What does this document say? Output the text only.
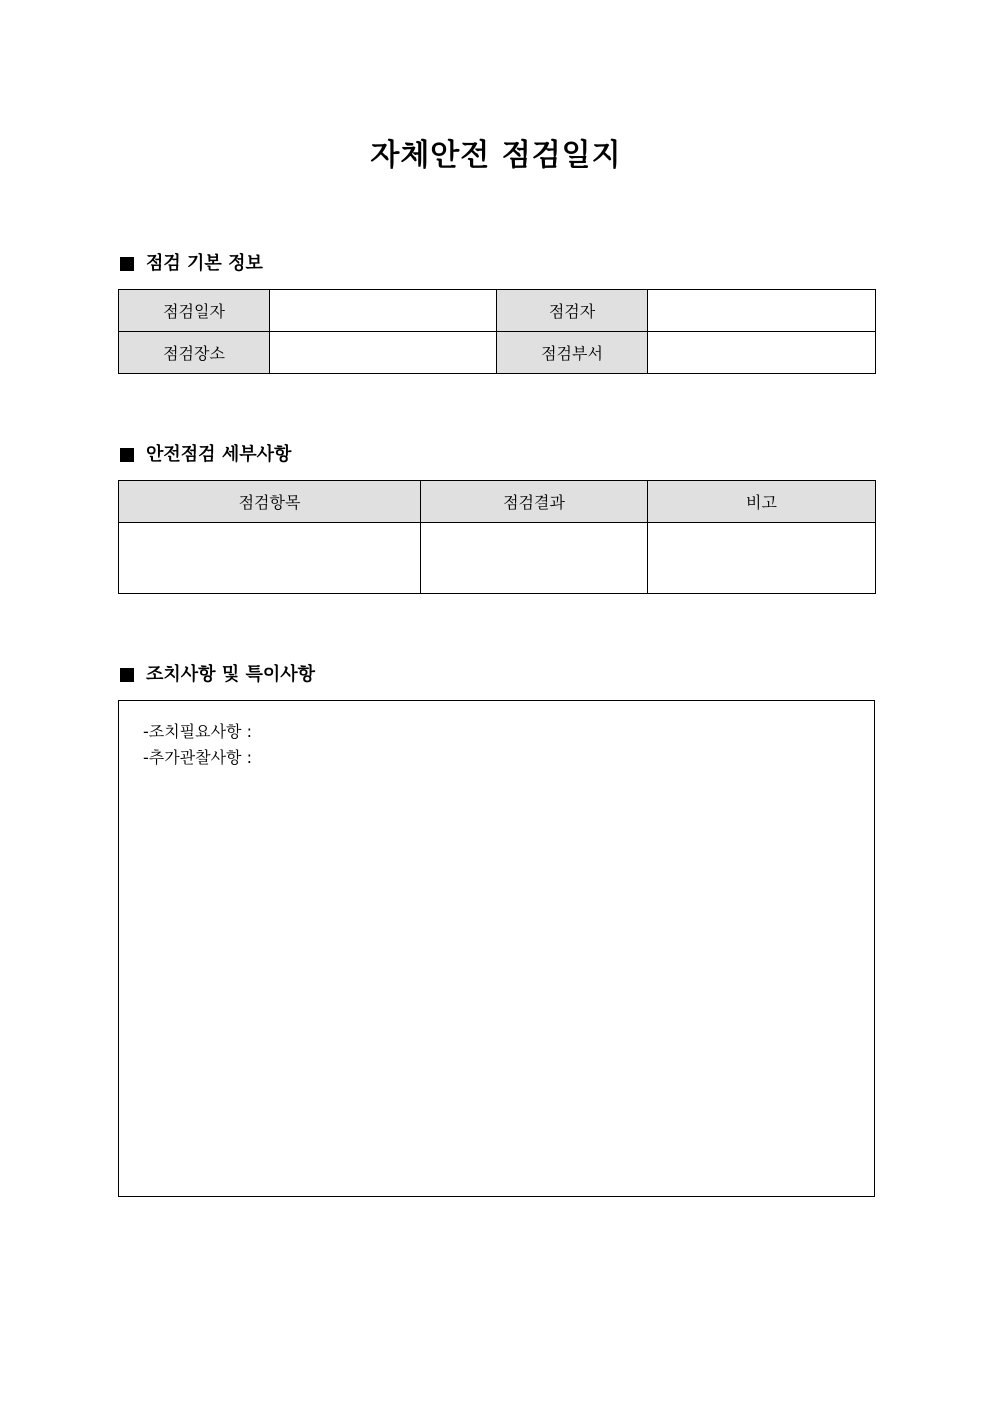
자체안전 점검일지
점검 기본 정보
점검일자		점검자	
점검장소		점검부서	
안전점검 세부사항
점검항목	점검결과	비고

조치사항 및 특이사항
-조치필요사항 :
-추가관찰사항 :
